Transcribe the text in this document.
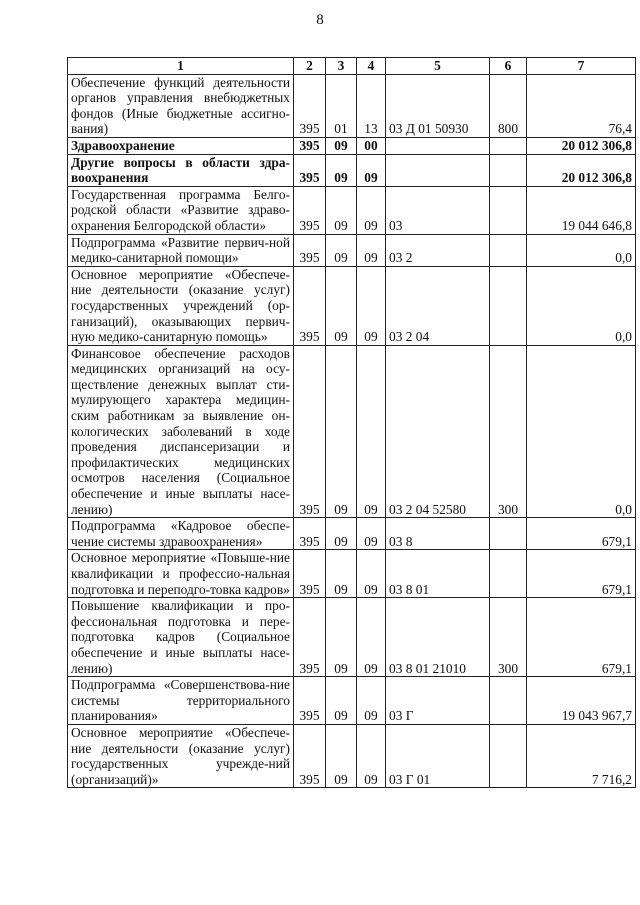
8
1	2	3	4	5	6	7
Обеспечение функций деятельности органов управления внебюджетных фондов (Иные бюджетные ассигно-вания)	395	01	13	03 Д 01 50930	800	76,4
Здравоохранение	395	09	00			20 012 306,8
Другие вопросы в области здра-воохранения	395	09	09			20 012 306,8
Государственная программа Белго-родской области «Развитие здраво-охранения Белгородской области»	395	09	09	03		19 044 646,8
Подпрограмма «Развитие первич-ной медико-санитарной помощи»	395	09	09	03 2		0,0
Основное мероприятие «Обеспече-ние деятельности (оказание услуг) государственных учреждений (ор-ганизаций), оказывающих первич-ную медико-санитарную помощь»	395	09	09	03 2 04		0,0
Финансовое обеспечение расходов медицинских организаций на осу-ществление денежных выплат сти-мулирующего характера медицин-ским работникам за выявление он-кологических заболеваний в ходе проведения диспансеризации и профилактических медицинских осмотров населения (Социальное обеспечение и иные выплаты насе-лению)	395	09	09	03 2 04 52580	300	0,0
Подпрограмма «Кадровое обеспе-чение системы здравоохранения»	395	09	09	03 8		679,1
Основное мероприятие «Повыше-ние квалификации и профессио-нальная подготовка и переподго-товка кадров»	395	09	09	03 8 01		679,1
Повышение квалификации и про-фессиональная подготовка и пере-подготовка кадров (Социальное обеспечение и иные выплаты насе-лению)	395	09	09	03 8 01 21010	300	679,1
Подпрограмма «Совершенствова-ние системы территориального планирования»	395	09	09	03 Г		19 043 967,7
Основное мероприятие «Обеспече-ние деятельности (оказание услуг) государственных учрежде-ний (организаций)»	395	09	09	03 Г 01		7 716,2
